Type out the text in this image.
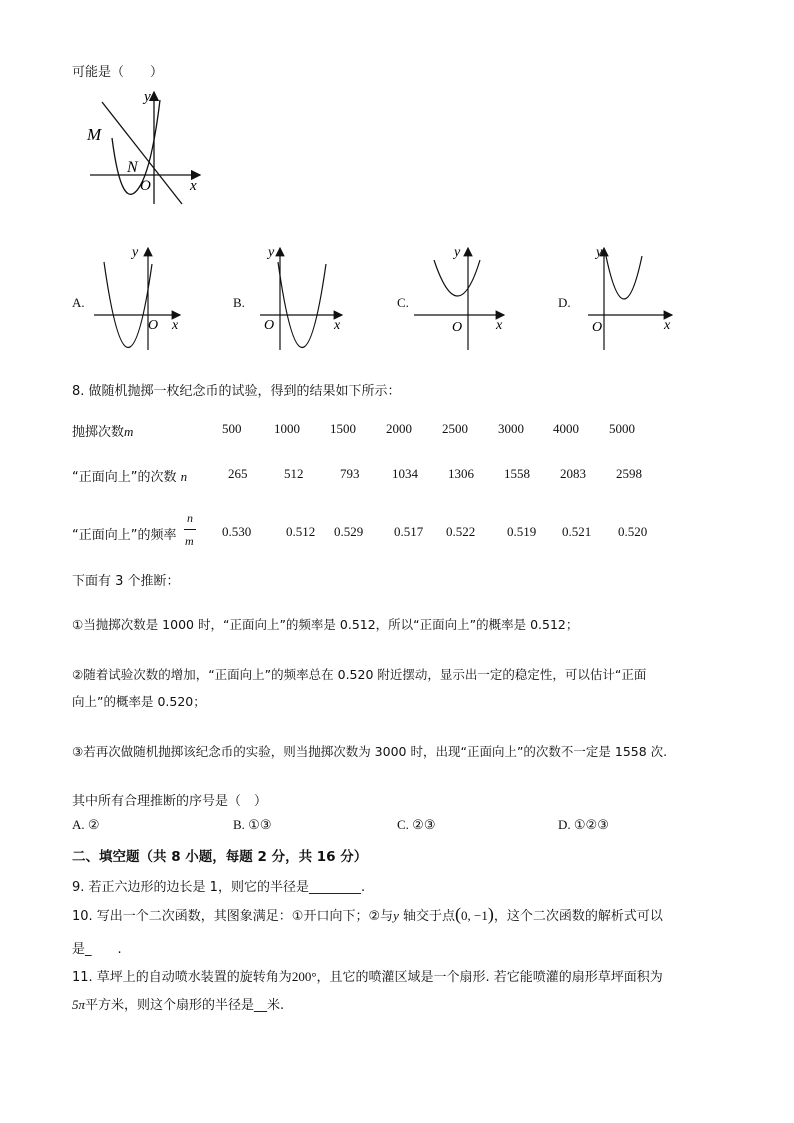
可能是（　　）
y
x
O
M
N
A.
y
x
O
B.
y
x
O
C.
y
x
O
D.
y
x
O
8. 做随机抛掷一枚纪念币的试验，得到的结果如下所示：
抛掷次数m	500	1000 1500 2000 2500 3000 4000 5000
“正面向上”的次数 n	265	512	793	1034 1306 1558 2083 2598
“正面向上”的频率
n
m
0.530	0.512 0.529 0.517 0.522 0.519 0.521 0.520
下面有 3 个推断：
①当抛掷次数是 1000 时，“正面向上”的频率是 0.512，所以“正面向上”的概率是 0.512；
②随着试验次数的增加，“正面向上”的频率总在 0.520 附近摆动，显示出一定的稳定性，可以估计“正面
向上”的概率是 0.520；
③若再次做随机抛掷该纪念币的实验，则当抛掷次数为 3000 时，出现“正面向上”的次数不一定是 1558 次.
其中所有合理推断的序号是（　）
A. ②	B. ①③	C. ②③	D. ①②③
二、填空题（共 8 小题，每题 2 分，共 16 分）
9. 若正六边形的边长是 1，则它的半径是________.
10. 写出一个二次函数，其图象满足：①开口向下；②与y 轴交于点(0, −1)，这个二次函数的解析式可以
是_　　.
11. 草坪上的自动喷水装置的旋转角为200°，且它的喷灌区域是一个扇形. 若它能喷灌的扇形草坪面积为
5π平方米，则这个扇形的半径是__米.
